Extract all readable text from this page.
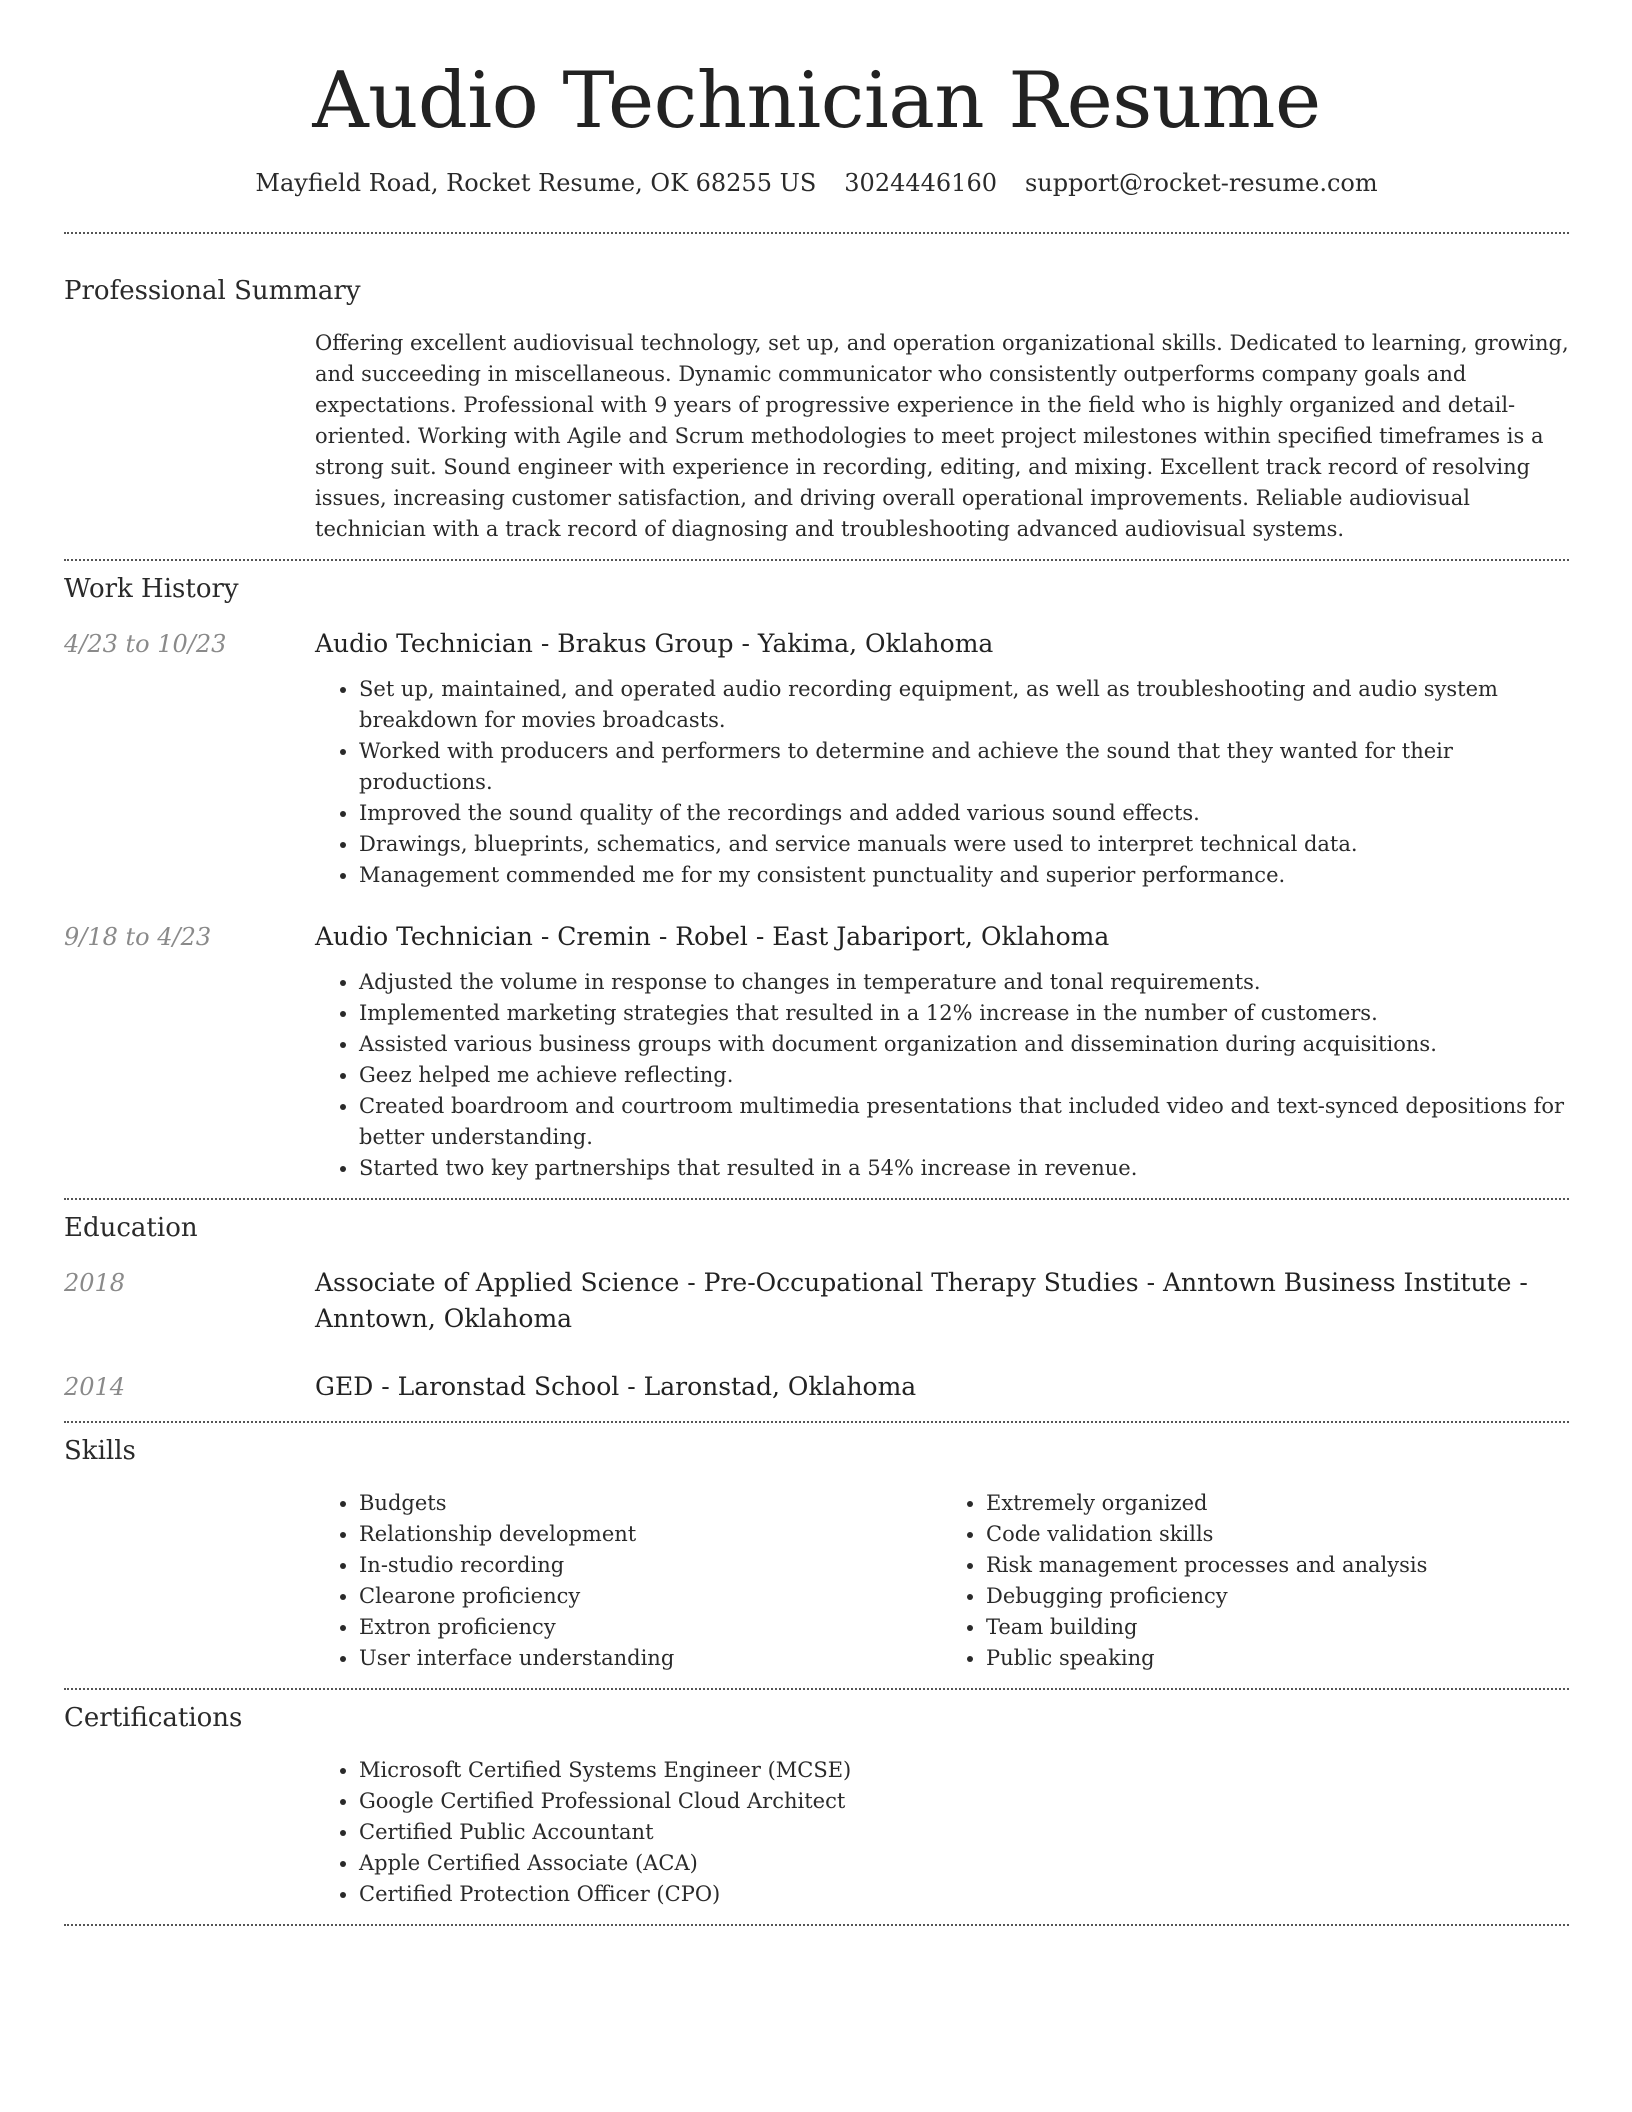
Audio Technician Resume
Mayfield Road, Rocket Resume, OK 68255 US 3024446160 support@rocket-resume.com
Professional Summary

Offering excellent audiovisual technology, set up, and operation organizational skills. Dedicated to learning, growing, and succeeding in miscellaneous. Dynamic communicator who consistently outperforms company goals and expectations. Professional with 9 years of progressive experience in the field who is highly organized and detail-oriented. Working with Agile and Scrum methodologies to meet project milestones within specified timeframes is a strong suit. Sound engineer with experience in recording, editing, and mixing. Excellent track record of resolving issues, increasing customer satisfaction, and driving overall operational improvements. Reliable audiovisual technician with a track record of diagnosing and troubleshooting advanced audiovisual systems.

Work History
4/23 to 10/23	Audio Technician - Brakus Group - Yakima, Oklahoma
• Set up, maintained, and operated audio recording equipment, as well as troubleshooting and audio system breakdown for movies broadcasts.
• Worked with producers and performers to determine and achieve the sound that they wanted for their productions.
• Improved the sound quality of the recordings and added various sound effects.
• Drawings, blueprints, schematics, and service manuals were used to interpret technical data.
• Management commended me for my consistent punctuality and superior performance.
9/18 to 4/23	Audio Technician - Cremin - Robel - East Jabariport, Oklahoma
• Adjusted the volume in response to changes in temperature and tonal requirements.
• Implemented marketing strategies that resulted in a 12% increase in the number of customers.
• Assisted various business groups with document organization and dissemination during acquisitions.
• Geez helped me achieve reflecting.
• Created boardroom and courtroom multimedia presentations that included video and text-synced depositions for better understanding.
• Started two key partnerships that resulted in a 54% increase in revenue.
Education
2018	Associate of Applied Science - Pre-Occupational Therapy Studies - Anntown Business Institute - Anntown, Oklahoma
2014	GED - Laronstad School - Laronstad, Oklahoma
Skills
• Budgets
• Relationship development
• In-studio recording
• Clearone proficiency
• Extron proficiency
• User interface understanding
• Extremely organized
• Code validation skills
• Risk management processes and analysis
• Debugging proficiency
• Team building
• Public speaking
Certifications
• Microsoft Certified Systems Engineer (MCSE)
• Google Certified Professional Cloud Architect
• Certified Public Accountant
• Apple Certified Associate (ACA)
• Certified Protection Officer (CPO)
